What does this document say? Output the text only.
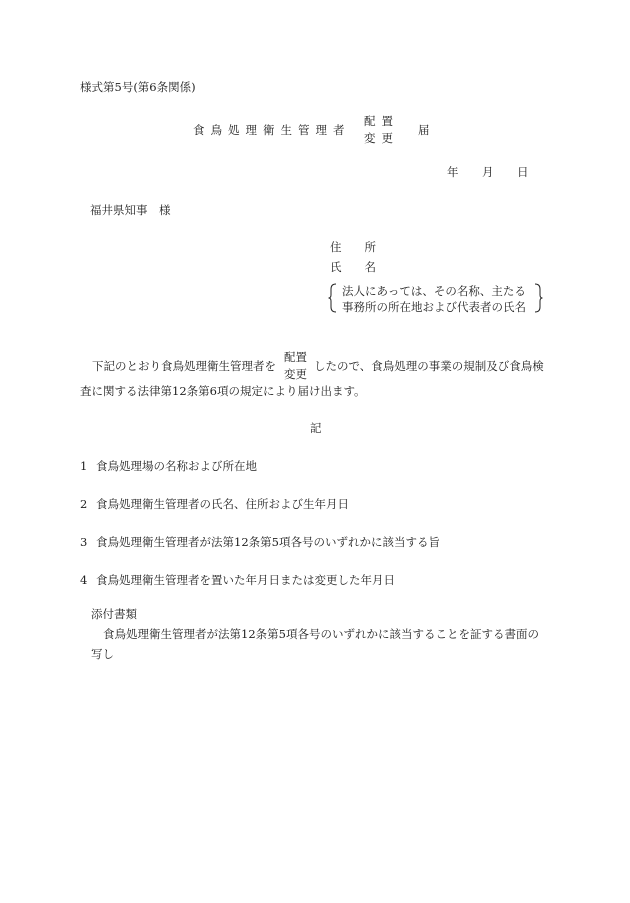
様式第5号(第6条関係)
食鳥処理衛生管理者
配置
変更
届
年 月 日
福井県知事　様
住　　所
氏　　名
法人にあっては、その名称、主たる
事務所の所在地および代表者の氏名
下記のとおり食鳥処理衛生管理者を
配置
変更
したので、食鳥処理の事業の規制及び食鳥検
査に関する法律第12条第6項の規定により届け出ます。
記
1 食鳥処理場の名称および所在地
2 食鳥処理衛生管理者の氏名、住所および生年月日
3 食鳥処理衛生管理者が法第12条第5項各号のいずれかに該当する旨
4 食鳥処理衛生管理者を置いた年月日または変更した年月日
添付書類
食鳥処理衛生管理者が法第12条第5項各号のいずれかに該当することを証する書面の
写し
